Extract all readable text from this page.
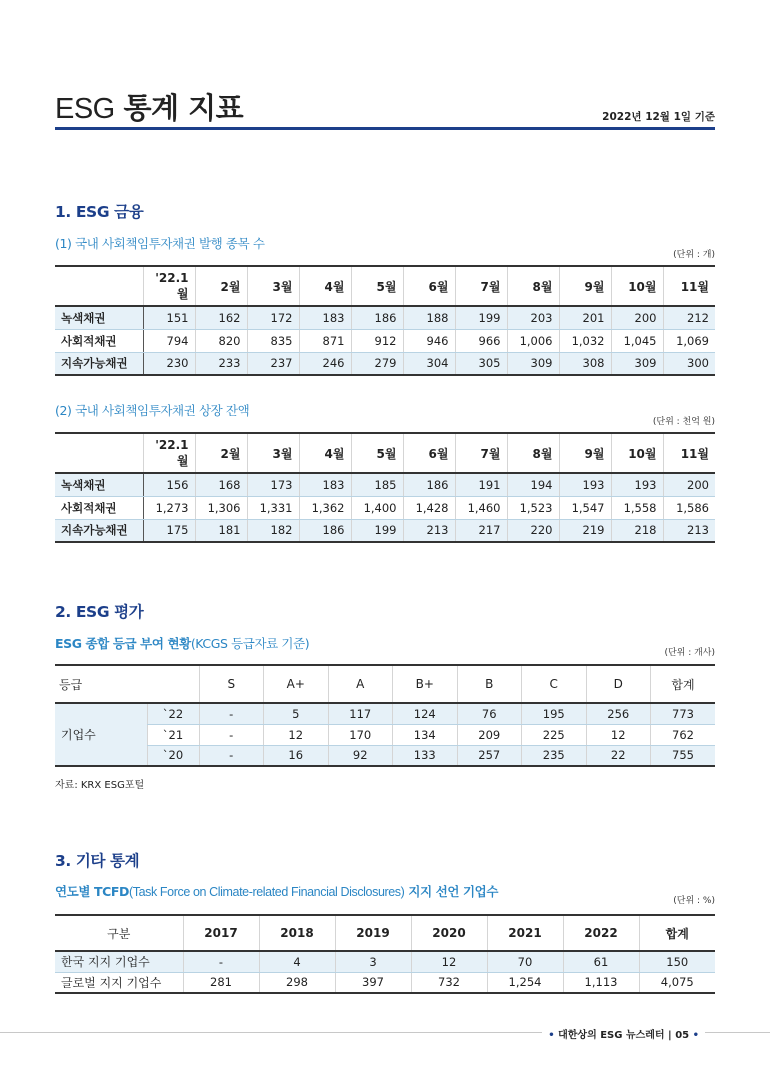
ESG 통계 지표	2022년 12월 1일 기준
1. ESG 금융
(1) 국내 사회책임투자채권 발행 종목 수
(단위 : 개)
	'22.1월	2월	3월	4월	5월	6월	7월	8월	9월	10월	11월
녹색채권	151	162	172	183	186	188	199	203	201	200	212
사회적채권	794	820	835	871	912	946	966	1,006	1,032	1,045	1,069
지속가능채권	230	233	237	246	279	304	305	309	308	309	300
(2) 국내 사회책임투자채권 상장 잔액
(단위 : 천억 원)
	'22.1월	2월	3월	4월	5월	6월	7월	8월	9월	10월	11월
녹색채권	156	168	173	183	185	186	191	194	193	193	200
사회적채권	1,273	1,306	1,331	1,362	1,400	1,428	1,460	1,523	1,547	1,558	1,586
지속가능채권	175	181	182	186	199	213	217	220	219	218	213
2. ESG 평가
ESG 종합 등급 부여 현황(KCGS 등급자료 기준)
(단위 : 개사)
등급		S	A+	A	B+	B	C	D	합계
기업수	`22	-	5	117	124	76	195	256	773
	`21	-	12	170	134	209	225	12	762
	`20	-	16	92	133	257	235	22	755
자료: KRX ESG포털
3. 기타 통계
연도별 TCFD(Task Force on Climate-related Financial Disclosures) 지지 선언 기업수
(단위 : %)
구분	2017	2018	2019	2020	2021	2022	합계
한국 지지 기업수	-	4	3	12	70	61	150
글로벌 지지 기업수	281	298	397	732	1,254	1,113	4,075
• 대한상의 ESG 뉴스레터 | 05 •
